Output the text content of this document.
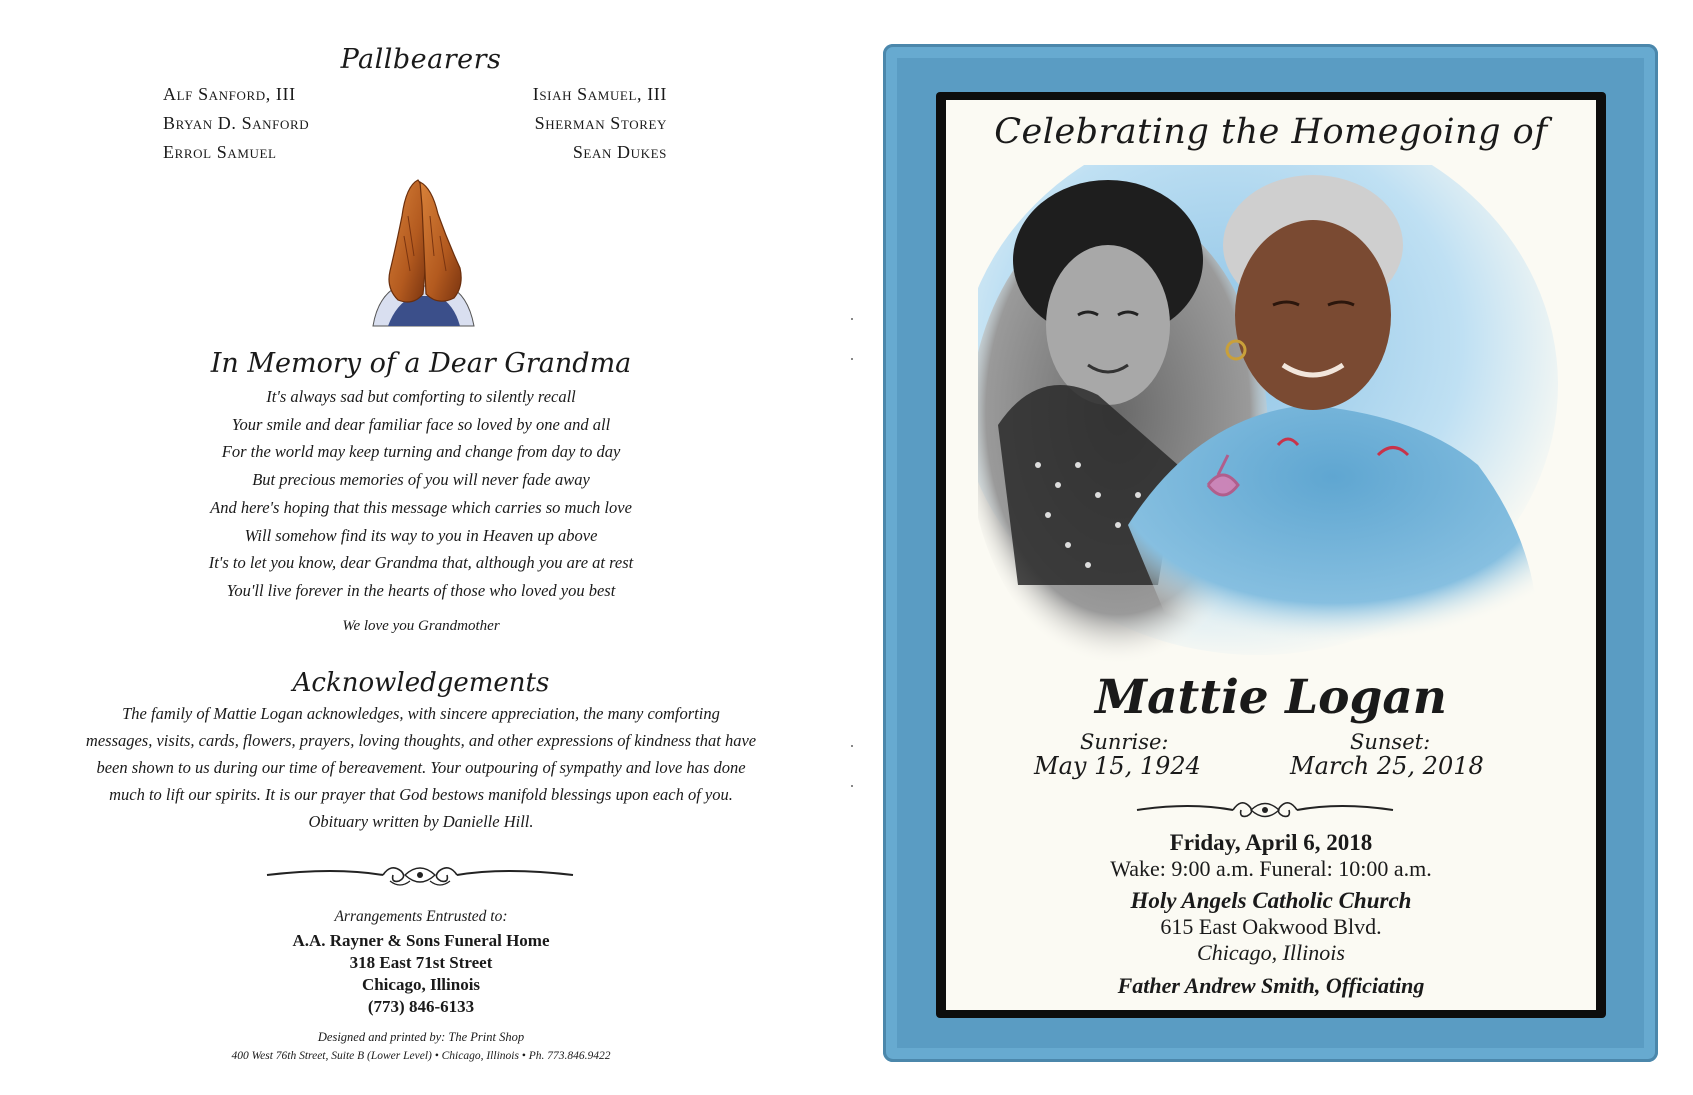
Pallbearers
Alf Sanford, III
Bryan D. Sanford
Errol Samuel
Isiah Samuel, III
Sherman Storey
Sean Dukes
In Memory of a Dear Grandma
It's always sad but comforting to silently recall
Your smile and dear familiar face so loved by one and all
For the world may keep turning and change from day to day
But precious memories of you will never fade away
And here's hoping that this message which carries so much love
Will somehow find its way to you in Heaven up above
It's to let you know, dear Grandma that, although you are at rest
You'll live forever in the hearts of those who loved you best
We love you Grandmother
Acknowledgements
The family of Mattie Logan acknowledges, with sincere appreciation, the many comforting
messages, visits, cards, flowers, prayers, loving thoughts, and other expressions of kindness that have
been shown to us during our time of bereavement. Your outpouring of sympathy and love has done
much to lift our spirits. It is our prayer that God bestows manifold blessings upon each of you.
Obituary written by Danielle Hill.
Arrangements Entrusted to:
A.A. Rayner & Sons Funeral Home
318 East 71st Street
Chicago, Illinois
(773) 846-6133
Designed and printed by: The Print Shop
400 West 76th Street, Suite B (Lower Level) • Chicago, Illinois • Ph. 773.846.9422
Celebrating the Homegoing of
Mattie Logan
Sunrise:
May 15, 1924
Sunset:
March 25, 2018
Friday, April 6, 2018
Wake: 9:00 a.m. Funeral: 10:00 a.m.
Holy Angels Catholic Church
615 East Oakwood Blvd.
Chicago, Illinois
Father Andrew Smith, Officiating
